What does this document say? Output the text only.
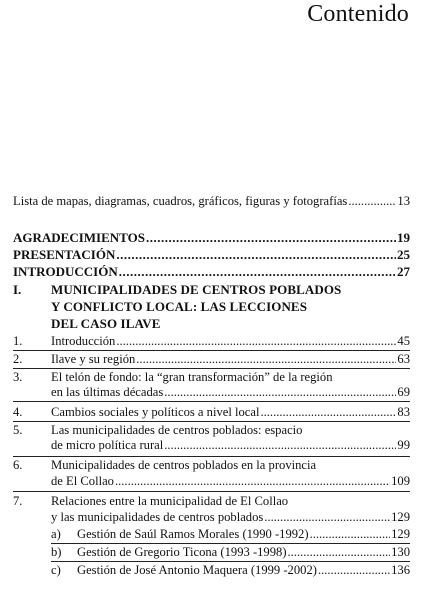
Contenido
Lista de mapas, diagramas, cuadros, gráficos, figuras y fotografías .....	13
AGRADECIMIENTOS .....	19
PRESENTACIÓN .....	25
INTRODUCCIÓN .....	27
I. MUNICIPALIDADES DE CENTROS POBLADOS
Y CONFLICTO LOCAL: LAS LECCIONES
DEL CASO ILAVE
1.	Introducción .....	45
2.	Ilave y su región .....	63
3. El telón de fondo: la “gran transformación” de la región
en las últimas décadas .....	69
4.	Cambios sociales y políticos a nivel local .....	83
5. Las municipalidades de centros poblados: espacio
de micro política rural .....	99
6. Municipalidades de centros poblados en la provincia
de El Collao .....	109
7. Relaciones entre la municipalidad de El Collao
y las municipalidades de centros poblados .....	129
a)	Gestión de Saúl Ramos Morales (1990 -1992) .....	129
b)	Gestión de Gregorio Ticona (1993 -1998) .....	130
c)	Gestión de José Antonio Maquera (1999 -2002) .....	136
